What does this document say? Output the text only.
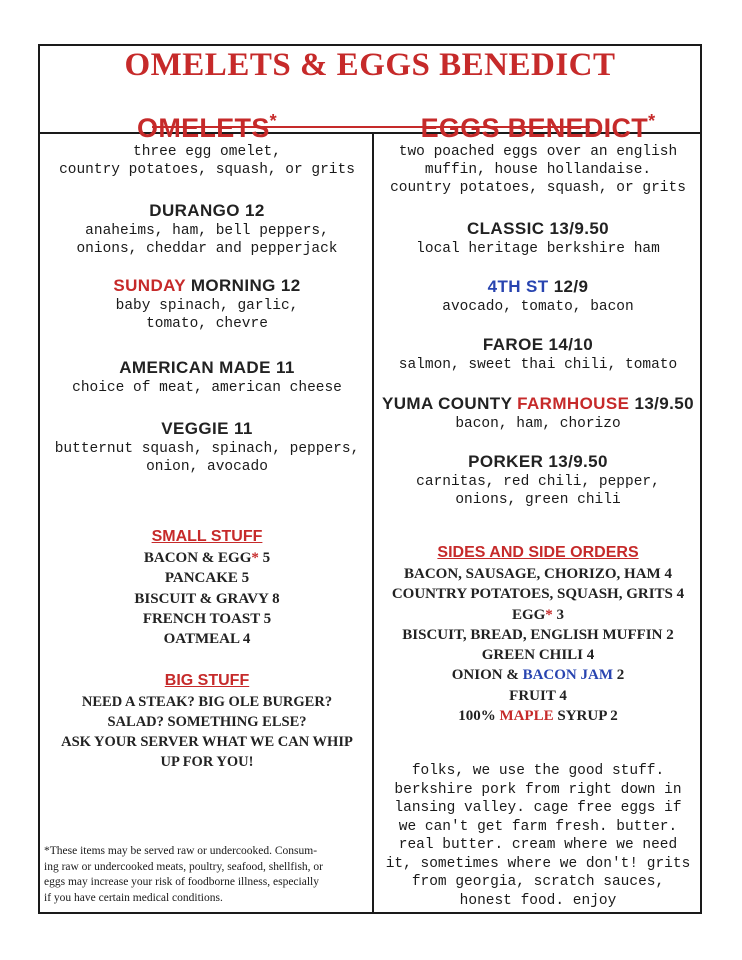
OMELETS & EGGS BENEDICT
OMELETS*
three egg omelet,
country potatoes, squash, or grits
DURANGO 12
anaheims, ham, bell peppers,
onions, cheddar and pepperjack
SUNDAY MORNING 12
baby spinach, garlic,
tomato, chevre
AMERICAN MADE 11
choice of meat, american cheese
VEGGIE 11
butternut squash, spinach, peppers,
onion, avocado
SMALL STUFF
BACON & EGG* 5
PANCAKE 5
BISCUIT & GRAVY 8
FRENCH TOAST 5
OATMEAL 4
BIG STUFF
NEED A STEAK? BIG OLE BURGER?
SALAD? SOMETHING ELSE?
ASK YOUR SERVER WHAT WE CAN WHIP
UP FOR YOU!
*These items may be served raw or undercooked. Consum-
ing raw or undercooked meats, poultry, seafood, shellfish, or
eggs may increase your risk of foodborne illness, especially
if you have certain medical conditions.
EGGS BENEDICT*
two poached eggs over an english
muffin, house hollandaise.
country potatoes, squash, or grits
CLASSIC 13/9.50
local heritage berkshire ham
4TH ST 12/9
avocado, tomato, bacon
FAROE 14/10
salmon, sweet thai chili, tomato
YUMA COUNTY FARMHOUSE 13/9.50
bacon, ham, chorizo
PORKER 13/9.50
carnitas, red chili, pepper,
onions, green chili
SIDES AND SIDE ORDERS
BACON, SAUSAGE, CHORIZO, HAM 4
COUNTRY POTATOES, SQUASH, GRITS 4
EGG* 3
BISCUIT, BREAD, ENGLISH MUFFIN 2
GREEN CHILI 4
ONION & BACON JAM 2
FRUIT 4
100% MAPLE SYRUP 2
folks, we use the good stuff.
berkshire pork from right down in
lansing valley. cage free eggs if
we can't get farm fresh. butter.
real butter. cream where we need
it, sometimes where we don't! grits
from georgia, scratch sauces,
honest food. enjoy
